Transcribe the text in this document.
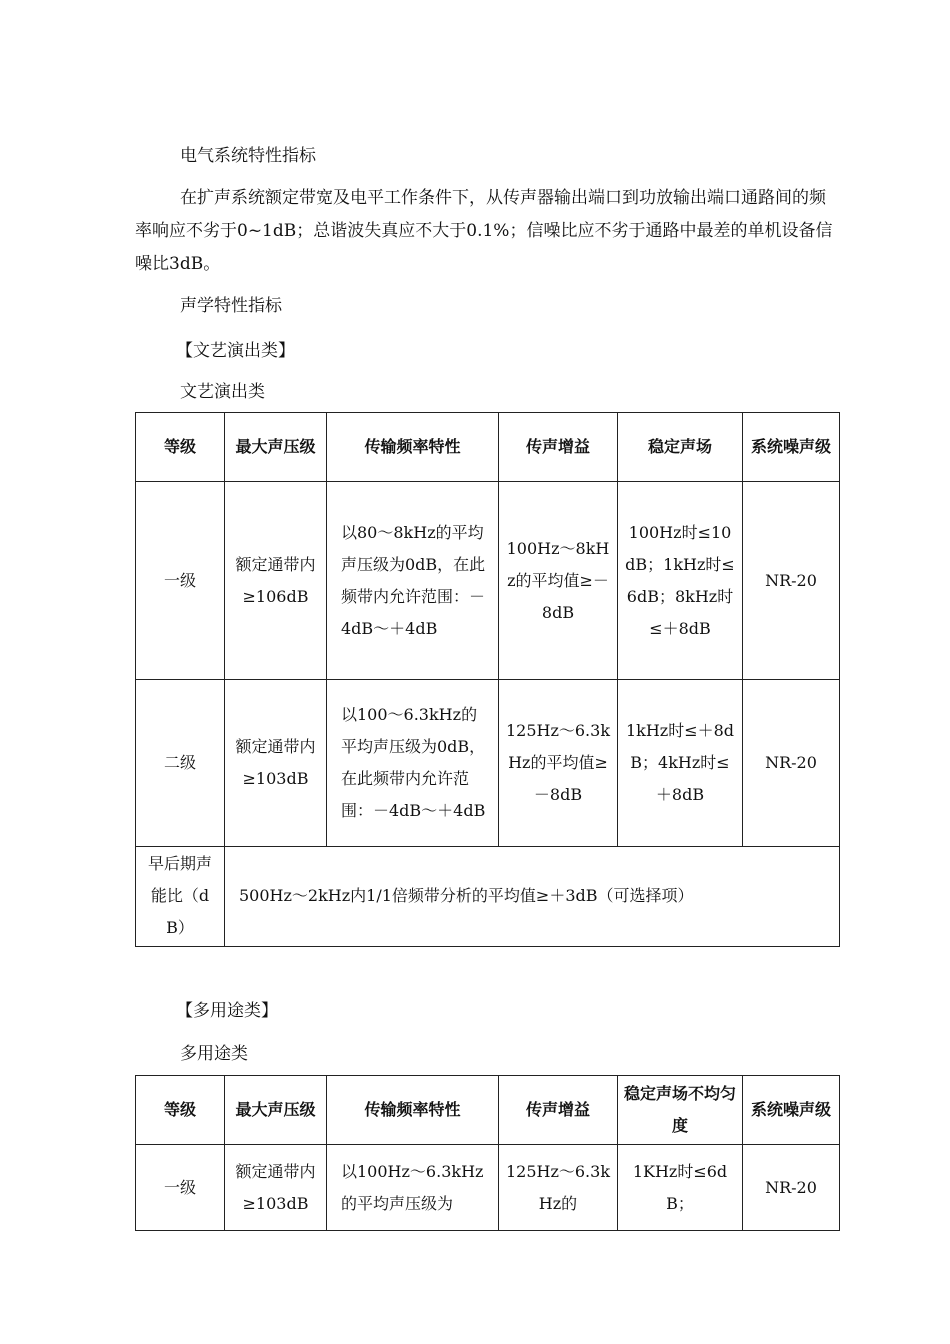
电气系统特性指标

在扩声系统额定带宽及电平工作条件下，从传声器输出端口到功放输出端口通路间的频率响应不劣于0~1dB；总谐波失真应不大于0.1%；信噪比应不劣于通路中最差的单机设备信噪比3dB。

声学特性指标

【文艺演出类】

文艺演出类

等级	最大声压级	传输频率特性	传声增益	稳定声场	系统噪声级
一级	额定通带内≥106dB	以80～8kHz的平均声压级为0dB，在此频带内允许范围：－4dB～＋4dB	100Hz～8kHz的平均值≥－8dB	100Hz时≤10dB；1kHz时≤6dB；8kHz时≤＋8dB	NR-20
二级	额定通带内≥103dB	以100～6.3kHz的平均声压级为0dB，在此频带内允许范围：－4dB～＋4dB	125Hz～6.3kHz的平均值≥－8dB	1kHz时≤＋8dB；4kHz时≤＋8dB	NR-20
早后期声能比（dB）	500Hz～2kHz内1/1倍频带分析的平均值≥＋3dB（可选择项）				

【多用途类】

多用途类

等级	最大声压级	传输频率特性	传声增益	稳定声场不均匀度	系统噪声级
一级	额定通带内≥103dB	以100Hz～6.3kHz的平均声压级为	125Hz～6.3kHz的	1KHz时≤6dB；	NR-20
